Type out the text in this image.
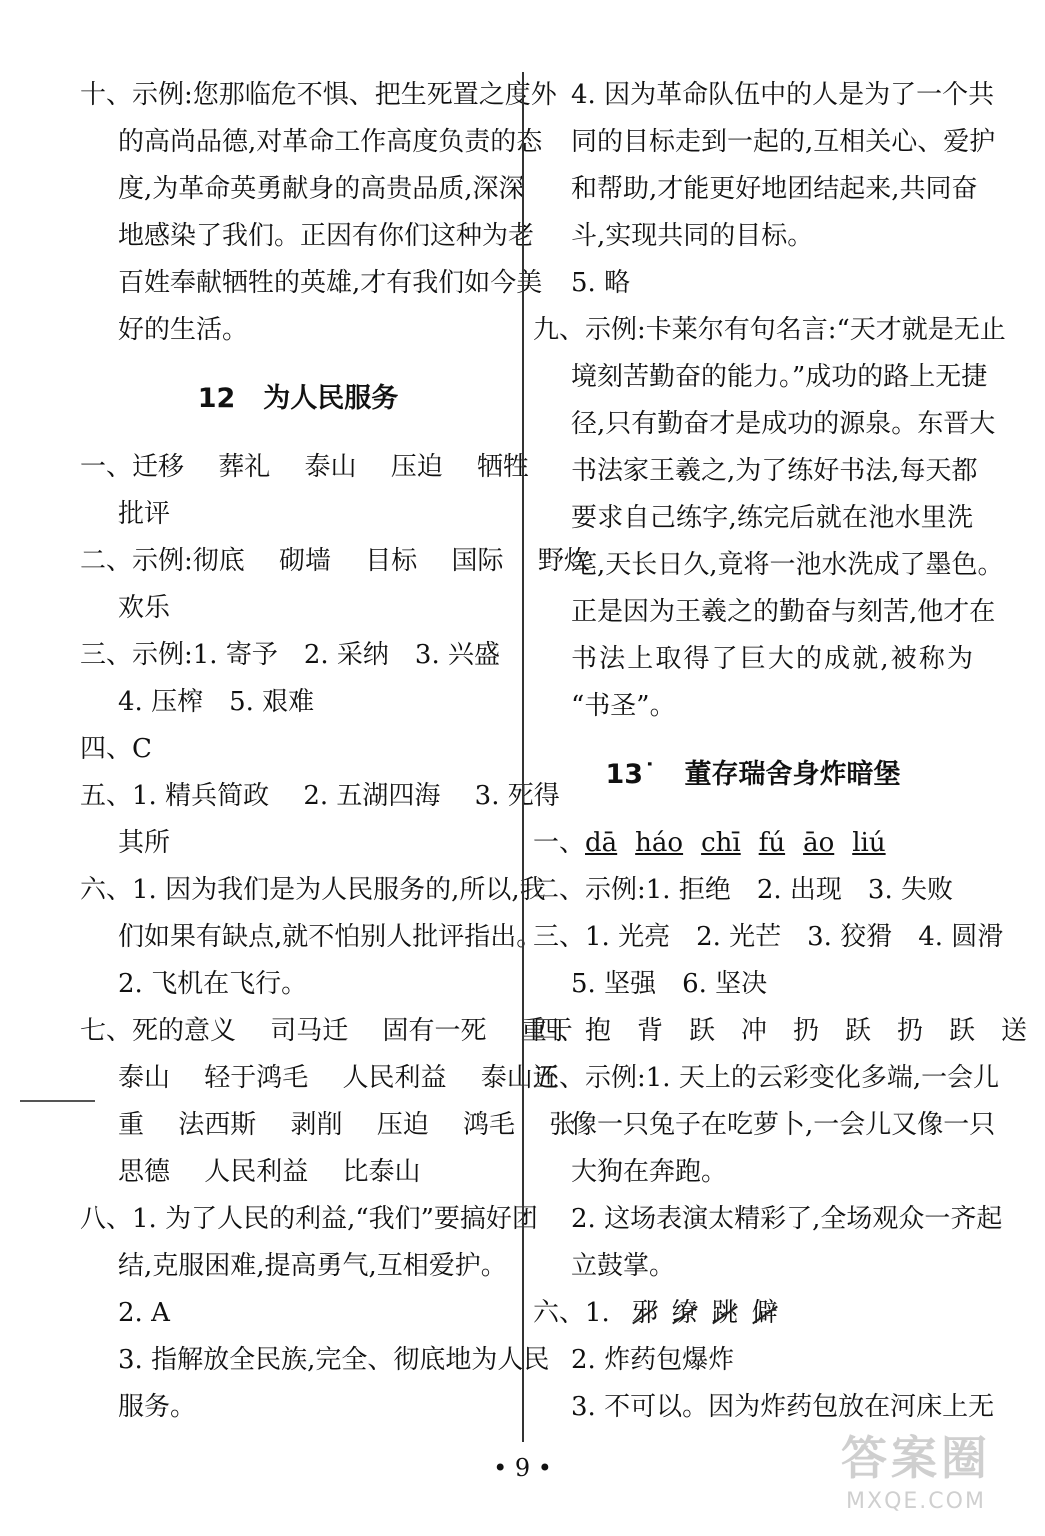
十、示例:您那临危不惧、把生死置之度外
的高尚品德,对革命工作高度负责的态
度,为革命英勇献身的高贵品质,深深
地感染了我们。正因有你们这种为老
百姓奉献牺牲的英雄,才有我们如今美
好的生活。
12 为人民服务
一、迁移　 葬礼　 泰山　 压迫　 牺牲
批评
二、示例:彻底　 砌墙　 目标　 国际　 野炊
欢乐
三、示例:1. 寄予　2. 采纳　3. 兴盛
4. 压榨　5. 艰难
四、C
五、1. 精兵简政　 2. 五湖四海　 3. 死得
其所
六、1. 因为我们是为人民服务的,所以,我
们如果有缺点,就不怕别人批评指出。
2. 飞机在飞行。
七、死的意义　 司马迁　 固有一死　 重于
泰山　 轻于鸿毛　 人民利益　 泰山还
重　 法西斯　 剥削　 压迫　 鸿毛　 张
思德　 人民利益　 比泰山
八、1. 为了人民的利益,“我们”要搞好团
结,克服困难,提高勇气,互相爱护。
2. A
3. 指解放全民族,完全、彻底地为人民
服务。
4. 因为革命队伍中的人是为了一个共
同的目标走到一起的,互相关心、爱护
和帮助,才能更好地团结起来,共同奋
斗,实现共同的目标。
5. 略
九、示例:卡莱尔有句名言:“天才就是无止
境刻苦勤奋的能力。”成功的路上无捷
径,只有勤奋才是成功的源泉。东晋大
书法家王羲之,为了练好书法,每天都
要求自己练字,练完后就在池水里洗
笔,天长日久,竟将一池水洗成了墨色。
正是因为王羲之的勤奋与刻苦,他才在
书法上取得了巨大的成就,被称为
“书圣”。
13˙ 董存瑞舍身炸暗堡
一、dā háo chī fú āo liú
二、示例:1. 拒绝　2. 出现　3. 失败
三、1. 光亮　2. 光芒　3. 狡猾　4. 圆滑
5. 坚强　6. 坚决
四、抱　背　跃　冲　扔　跃　扔　跃　送
五、示例:1. 天上的云彩变化多端,一会儿
像一只兔子在吃萝卜,一会儿又像一只
大狗在奔跑。
2. 这场表演太精彩了,全场观众一齐起
立鼓掌。
六、1. 邪 缭 跳 僻
2. 炸药包爆炸
3. 不可以。因为炸药包放在河床上无
• 9 •	答案圈
MXQE.COM
